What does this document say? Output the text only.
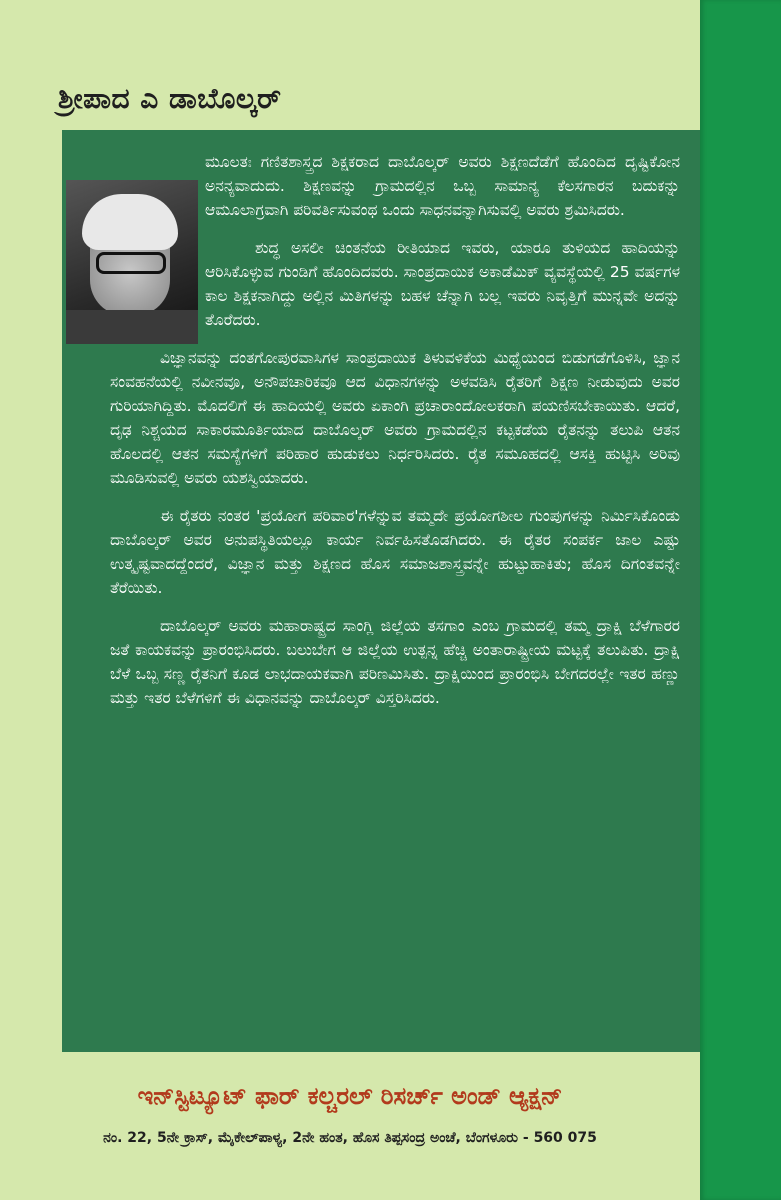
ಶ್ರೀಪಾದ ಎ ಡಾಬೊಲ್ಕರ್

ಮೂಲತಃ ಗಣಿತಶಾಸ್ತ್ರದ ಶಿಕ್ಷಕರಾದ ದಾಬೊಲ್ಕರ್ ಅವರು ಶಿಕ್ಷಣದೆಡೆಗೆ ಹೊಂದಿದ ದೃಷ್ಟಿಕೋನ ಅನನ್ಯವಾದುದು. ಶಿಕ್ಷಣವನ್ನು ಗ್ರಾಮದಲ್ಲಿನ ಒಬ್ಬ ಸಾಮಾನ್ಯ ಕೆಲಸಗಾರನ ಬದುಕನ್ನು ಆಮೂಲಾಗ್ರವಾಗಿ ಪರಿವರ್ತಿಸುವಂಥ ಒಂದು ಸಾಧನವನ್ನಾಗಿಸುವಲ್ಲಿ ಅವರು ಶ್ರಮಿಸಿದರು.

ಶುದ್ಧ ಅಸಲೀ ಚಿಂತನೆಯ ರೀತಿಯಾದ ಇವರು, ಯಾರೂ ತುಳಿಯದ ಹಾದಿಯನ್ನು ಆರಿಸಿಕೊಳ್ಳುವ ಗುಂಡಿಗೆ ಹೊಂದಿದವರು. ಸಾಂಪ್ರದಾಯಿಕ ಅಕಾಡೆಮಿಕ್ ವ್ಯವಸ್ಥೆಯಲ್ಲಿ 25 ವರ್ಷಗಳ ಕಾಲ ಶಿಕ್ಷಕನಾಗಿದ್ದು ಅಲ್ಲಿನ ಮಿತಿಗಳನ್ನು ಬಹಳ ಚೆನ್ನಾಗಿ ಬಲ್ಲ ಇವರು ನಿವೃತ್ತಿಗೆ ಮುನ್ನವೇ ಅದನ್ನು ತೊರೆದರು.

ವಿಜ್ಞಾನವನ್ನು ದಂತಗೋಪುರವಾಸಿಗಳ ಸಾಂಪ್ರದಾಯಿಕ ತಿಳುವಳಿಕೆಯ ಮಿಥ್ಯೆಯಿಂದ ಬಿಡುಗಡೆಗೊಳಿಸಿ, ಜ್ಞಾನ ಸಂವಹನೆಯಲ್ಲಿ ನವೀನವೂ, ಅನೌಪಚಾರಿಕವೂ ಆದ ವಿಧಾನಗಳನ್ನು ಅಳವಡಿಸಿ ರೈತರಿಗೆ ಶಿಕ್ಷಣ ನೀಡುವುದು ಅವರ ಗುರಿಯಾಗಿದ್ದಿತು. ಮೊದಲಿಗೆ ಈ ಹಾದಿಯಲ್ಲಿ ಅವರು ಏಕಾಂಗಿ ಪ್ರಚಾರಾಂದೋಲಕರಾಗಿ ಪಯಣಿಸಬೇಕಾಯಿತು. ಆದರೆ, ದೃಢ ನಿಶ್ಚಯದ ಸಾಕಾರಮೂರ್ತಿಯಾದ ದಾಬೊಲ್ಕರ್ ಅವರು ಗ್ರಾಮದಲ್ಲಿನ ಕಟ್ಟಕಡೆಯ ರೈತನನ್ನು ತಲುಪಿ ಆತನ ಹೊಲದಲ್ಲಿ ಆತನ ಸಮಸ್ಯೆಗಳಿಗೆ ಪರಿಹಾರ ಹುಡುಕಲು ನಿರ್ಧರಿಸಿದರು. ರೈತ ಸಮೂಹದಲ್ಲಿ ಆಸಕ್ತಿ ಹುಟ್ಟಿಸಿ ಅರಿವು ಮೂಡಿಸುವಲ್ಲಿ ಅವರು ಯಶಸ್ವಿಯಾದರು.

ಈ ರೈತರು ನಂತರ 'ಪ್ರಯೋಗ ಪರಿವಾರ'ಗಳೆನ್ನುವ ತಮ್ಮದೇ ಪ್ರಯೋಗಶೀಲ ಗುಂಪುಗಳನ್ನು ನಿರ್ಮಿಸಿಕೊಂಡು ದಾಬೊಲ್ಕರ್ ಅವರ ಅನುಪಸ್ಥಿತಿಯಲ್ಲೂ ಕಾರ್ಯ ನಿರ್ವಹಿಸತೊಡಗಿದರು. ಈ ರೈತರ ಸಂಪರ್ಕ ಜಾಲ ಎಷ್ಟು ಉತ್ಕೃಷ್ಟವಾದದ್ದೆಂದರೆ, ವಿಜ್ಞಾನ ಮತ್ತು ಶಿಕ್ಷಣದ ಹೊಸ ಸಮಾಜಶಾಸ್ತ್ರವನ್ನೇ ಹುಟ್ಟುಹಾಕಿತು; ಹೊಸ ದಿಗಂತವನ್ನೇ ತೆರೆಯಿತು.

ದಾಬೊಲ್ಕರ್ ಅವರು ಮಹಾರಾಷ್ಟ್ರದ ಸಾಂಗ್ಲಿ ಜಿಲ್ಲೆಯ ತಸಗಾಂ ಎಂಬ ಗ್ರಾಮದಲ್ಲಿ ತಮ್ಮ ದ್ರಾಕ್ಷಿ ಬೆಳೆಗಾರರ ಜತೆ ಕಾಯಕವನ್ನು ಪ್ರಾರಂಭಿಸಿದರು. ಬಲುಬೇಗ ಆ ಜಿಲ್ಲೆಯ ಉತ್ಪನ್ನ ಹೆಚ್ಚಿ ಅಂತಾರಾಷ್ಟ್ರೀಯ ಮಟ್ಟಕ್ಕೆ ತಲುಪಿತು. ದ್ರಾಕ್ಷಿ ಬೆಳೆ ಒಬ್ಬ ಸಣ್ಣ ರೈತನಿಗೆ ಕೂಡ ಲಾಭದಾಯಕವಾಗಿ ಪರಿಣಮಿಸಿತು. ದ್ರಾಕ್ಷಿಯಿಂದ ಪ್ರಾರಂಭಿಸಿ ಬೇಗದರಲ್ಲೇ ಇತರ ಹಣ್ಣು ಮತ್ತು ಇತರ ಬೆಳೆಗಳಿಗೆ ಈ ವಿಧಾನವನ್ನು ದಾಬೊಲ್ಕರ್ ವಿಸ್ತರಿಸಿದರು.

ಇನ್‌ಸ್ಟಿಟ್ಯೂಟ್ ಫಾರ್ ಕಲ್ಚರಲ್ ರಿಸರ್ಚ್ ಅಂಡ್ ಆ್ಯಕ್ಷನ್
ನಂ. 22, 5ನೇ ಕ್ರಾಸ್, ಮೈಕೇಲ್‌ಪಾಳ್ಯ, 2ನೇ ಹಂತ, ಹೊಸ ತಿಪ್ಪಸಂದ್ರ ಅಂಚೆ, ಬೆಂಗಳೂರು - 560 075
